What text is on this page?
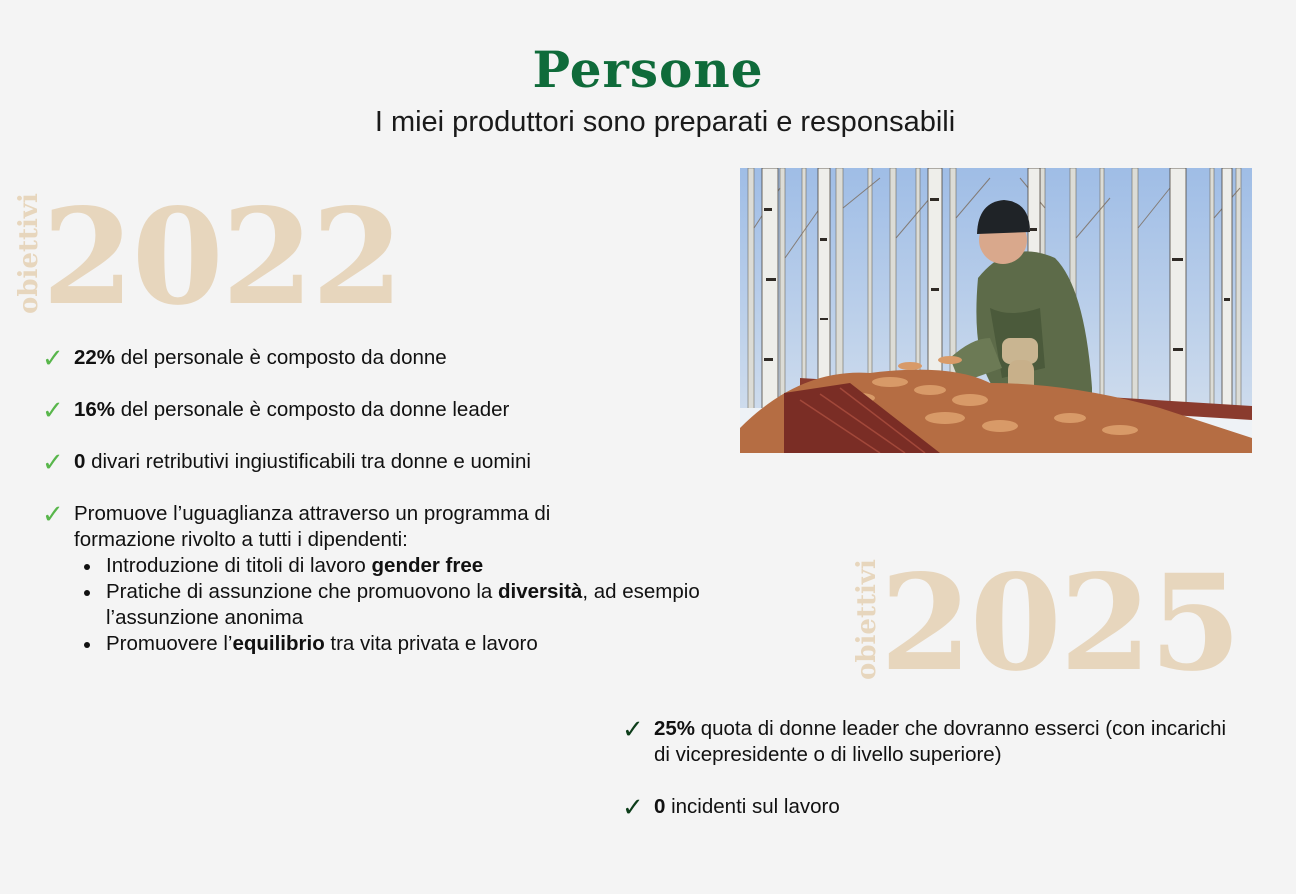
Persone

I miei produttori sono preparati e responsabili

obiettivi
2022
✓ 22% del personale è composto da donne
✓ 16% del personale è composto da donne leader
✓ 0 divari retributivi ingiustificabili tra donne e uomini
✓ Promuove l’uguaglianza attraverso un programma di formazione rivolto a tutti i dipendenti:
Introduzione di titoli di lavoro gender free
Pratiche di assunzione che promuovono la diversità, ad esempio l’assunzione anonima
Promuovere l’equilibrio tra vita privata e lavoro	obiettivi
2025
✓ 25% quota di donne leader che dovranno esserci (con incarichi di vicepresidente o di livello superiore)
✓ 0 incidenti sul lavoro
